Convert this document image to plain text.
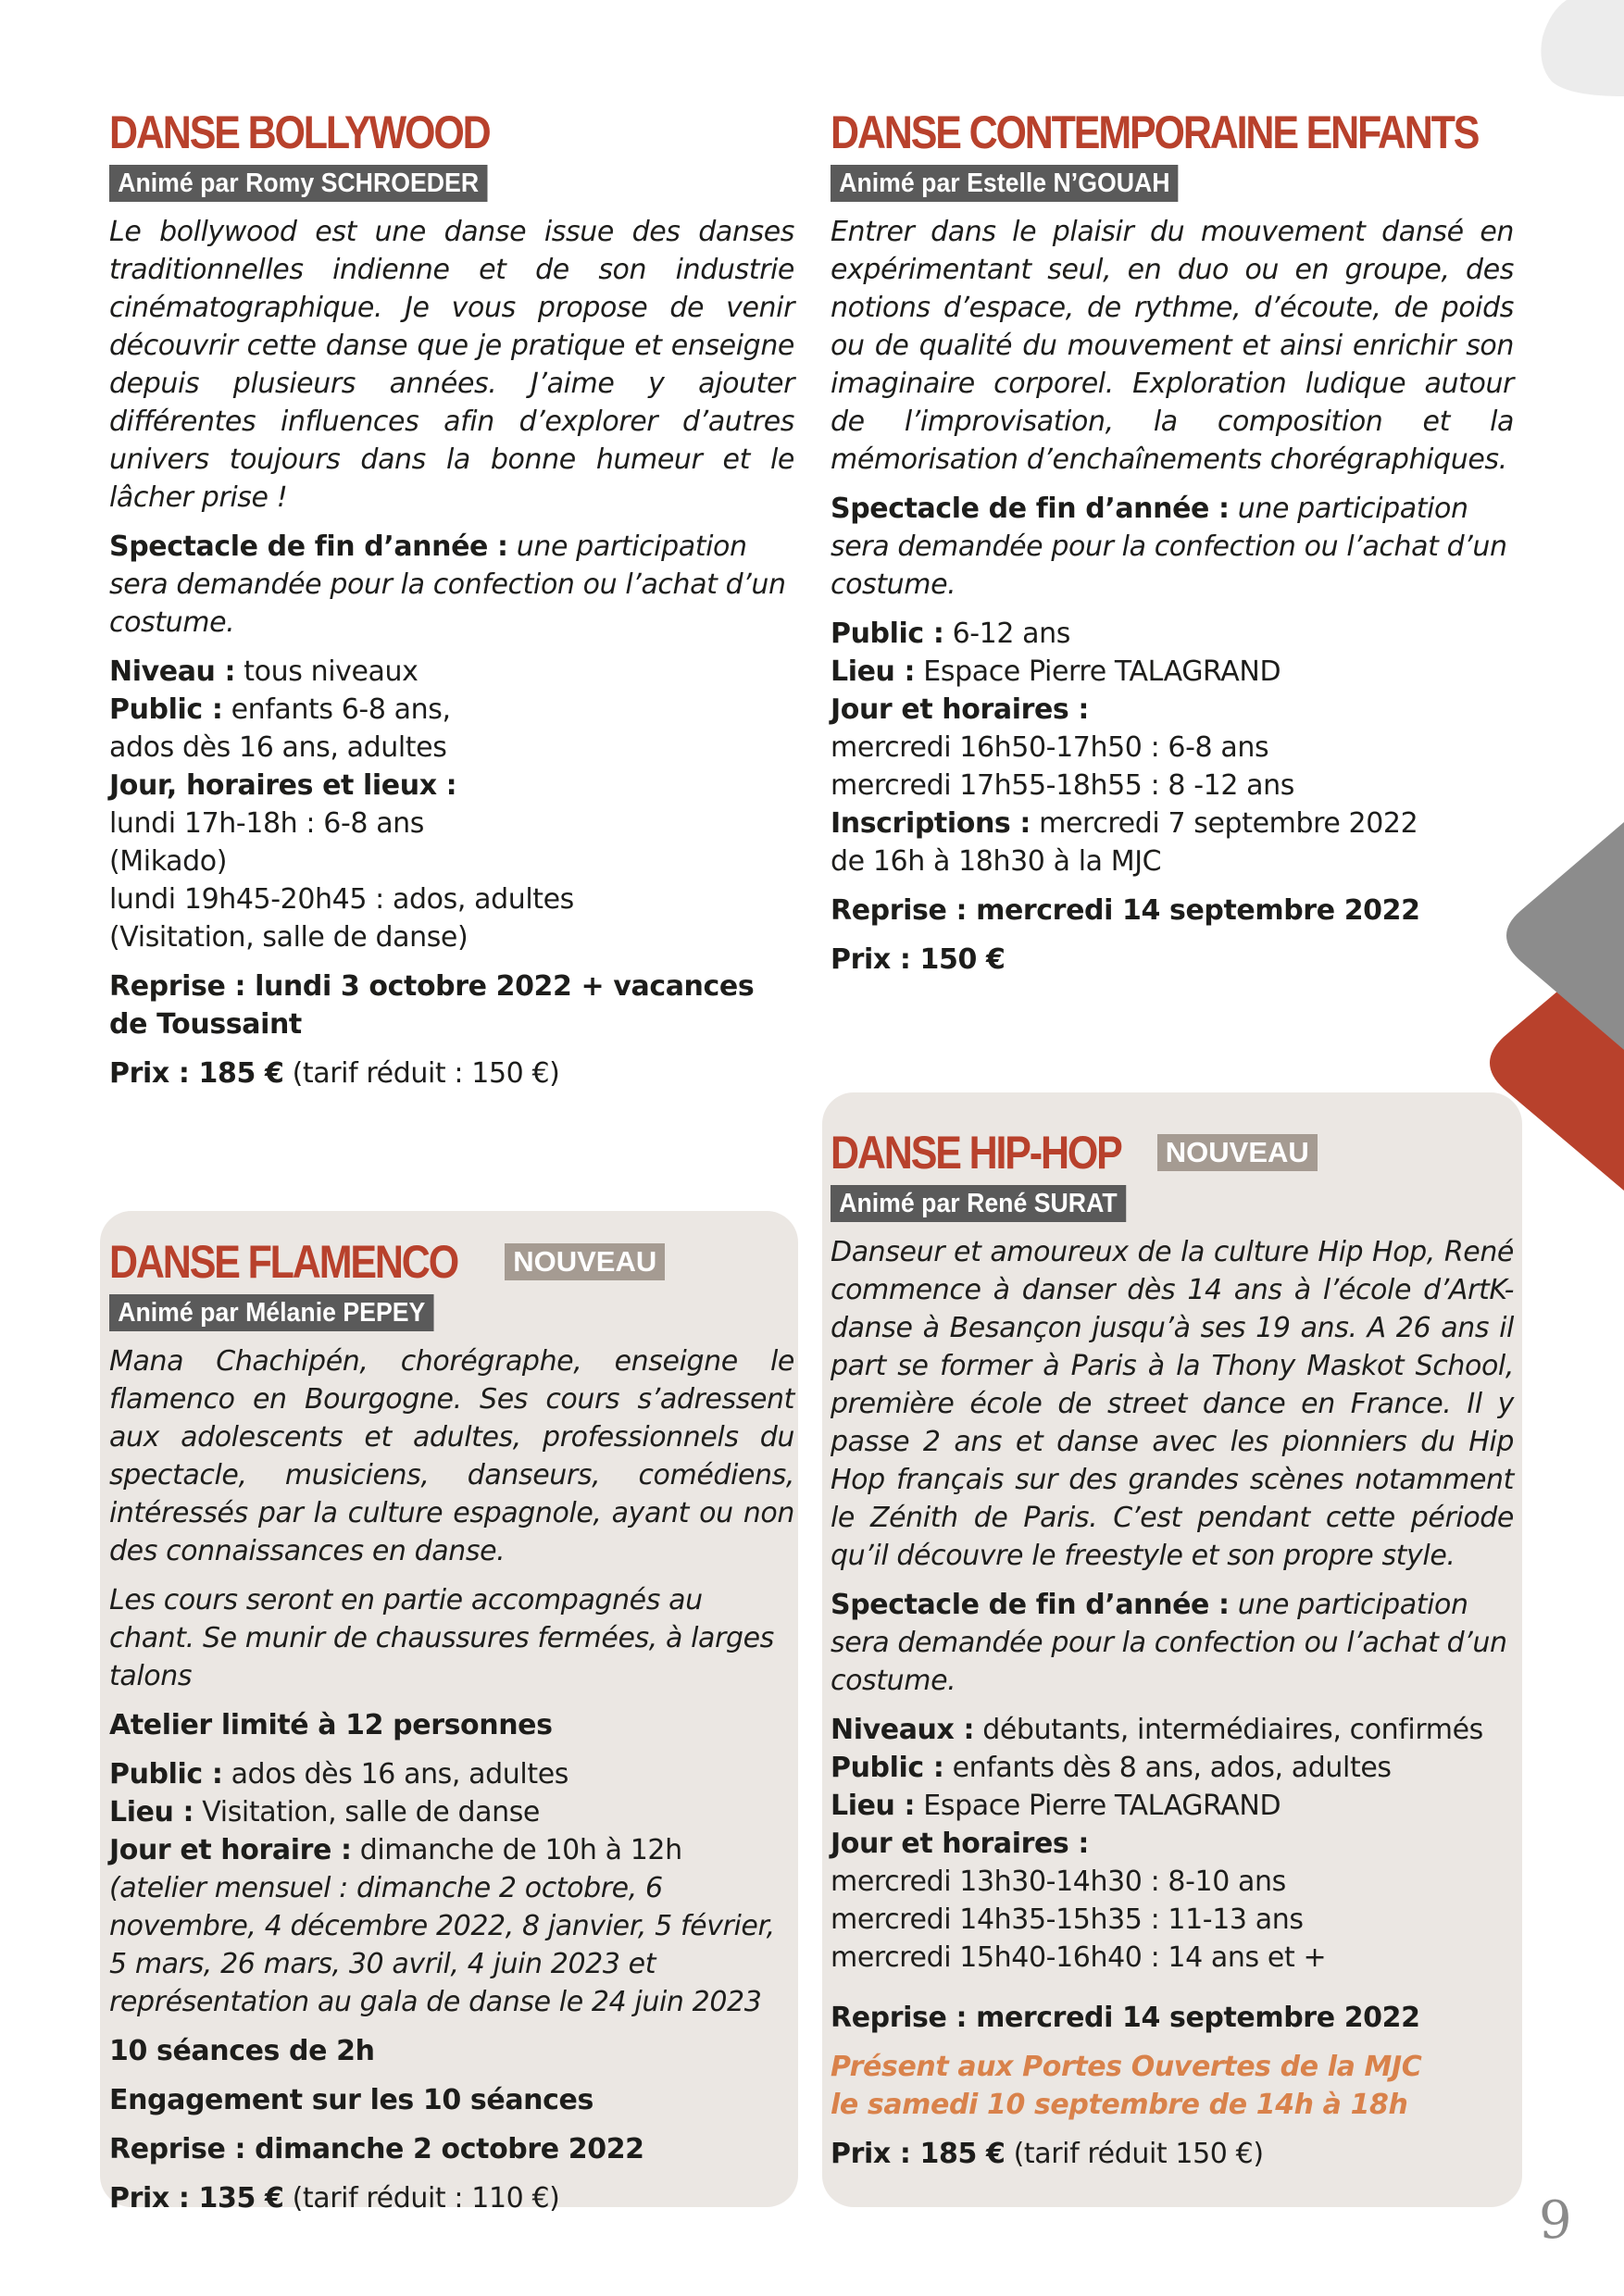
DANSE BOLLYWOOD
Animé par Romy SCHROEDER

Le bollywood est une danse issue des danses traditionnelles indienne et de son industrie cinématographique. Je vous propose de venir découvrir cette danse que je pratique et enseigne depuis plusieurs années. J’aime y ajouter différentes influences afin d’explorer d’autres univers toujours dans la bonne humeur et le lâcher prise !

Spectacle de fin d’année : une participation sera demandée pour la confection ou l’achat d’un costume.

Niveau : tous niveaux

Public : enfants 6-8 ans,

ados dès 16 ans, adultes

Jour, horaires et lieux :

lundi 17h-18h : 6-8 ans

(Mikado)

lundi 19h45-20h45 : ados, adultes

(Visitation, salle de danse)

Reprise : lundi 3 octobre 2022 + vacances de Toussaint

Prix : 185 € (tarif réduit : 150 €)

DANSE CONTEMPORAINE ENFANTS
Animé par Estelle N’GOUAH

Entrer dans le plaisir du mouvement dansé en expérimentant seul, en duo ou en groupe, des notions d’espace, de rythme, d’écoute, de poids ou de qualité du mouvement et ainsi enrichir son imaginaire corporel. Exploration ludique autour de l’improvisation, la composition et la mémorisation d’enchaînements chorégraphiques.

Spectacle de fin d’année : une participation sera demandée pour la confection ou l’achat d’un costume.

Public : 6-12 ans

Lieu : Espace Pierre TALAGRAND

Jour et horaires :

mercredi 16h50-17h50 : 6-8 ans

mercredi 17h55-18h55 : 8 -12 ans

Inscriptions : mercredi 7 septembre 2022

de 16h à 18h30 à la MJC

Reprise : mercredi 14 septembre 2022

Prix : 150 €

DANSE HIP-HOP NOUVEAU
Animé par René SURAT

Danseur et amoureux de la culture Hip Hop, René commence à danser dès 14 ans à l’école d’ArtK-danse à Besançon jusqu’à ses 19 ans. A 26 ans il part se former à Paris à la Thony Maskot School, première école de street dance en France. Il y passe 2 ans et danse avec les pionniers du Hip Hop français sur des grandes scènes notamment le Zénith de Paris. C’est pendant cette période qu’il découvre le freestyle et son propre style.

Spectacle de fin d’année : une participation sera demandée pour la confection ou l’achat d’un costume.

Niveaux : débutants, intermédiaires, confirmés

Public : enfants dès 8 ans, ados, adultes

Lieu : Espace Pierre TALAGRAND

Jour et horaires :

mercredi 13h30-14h30 : 8-10 ans

mercredi 14h35-15h35 : 11-13 ans

mercredi 15h40-16h40 : 14 ans et +

Reprise : mercredi 14 septembre 2022

Présent aux Portes Ouvertes de la MJC

le samedi 10 septembre de 14h à 18h

Prix : 185 € (tarif réduit 150 €)

DANSE FLAMENCO NOUVEAU
Animé par Mélanie PEPEY

Mana Chachipén, chorégraphe, enseigne le flamenco en Bourgogne. Ses cours s’adressent aux adolescents et adultes, professionnels du spectacle, musiciens, danseurs, comédiens, intéressés par la culture espagnole, ayant ou non des connaissances en danse.

Les cours seront en partie accompagnés au chant. Se munir de chaussures fermées, à larges talons

Atelier limité à 12 personnes

Public : ados dès 16 ans, adultes

Lieu : Visitation, salle de danse

Jour et horaire : dimanche de 10h à 12h

(atelier mensuel : dimanche 2 octobre, 6 novembre, 4 décembre 2022, 8 janvier, 5 février, 5 mars, 26 mars, 30 avril, 4 juin 2023 et représentation au gala de danse le 24 juin 2023

10 séances de 2h

Engagement sur les 10 séances

Reprise : dimanche 2 octobre 2022

Prix : 135 € (tarif réduit : 110 €)	9
